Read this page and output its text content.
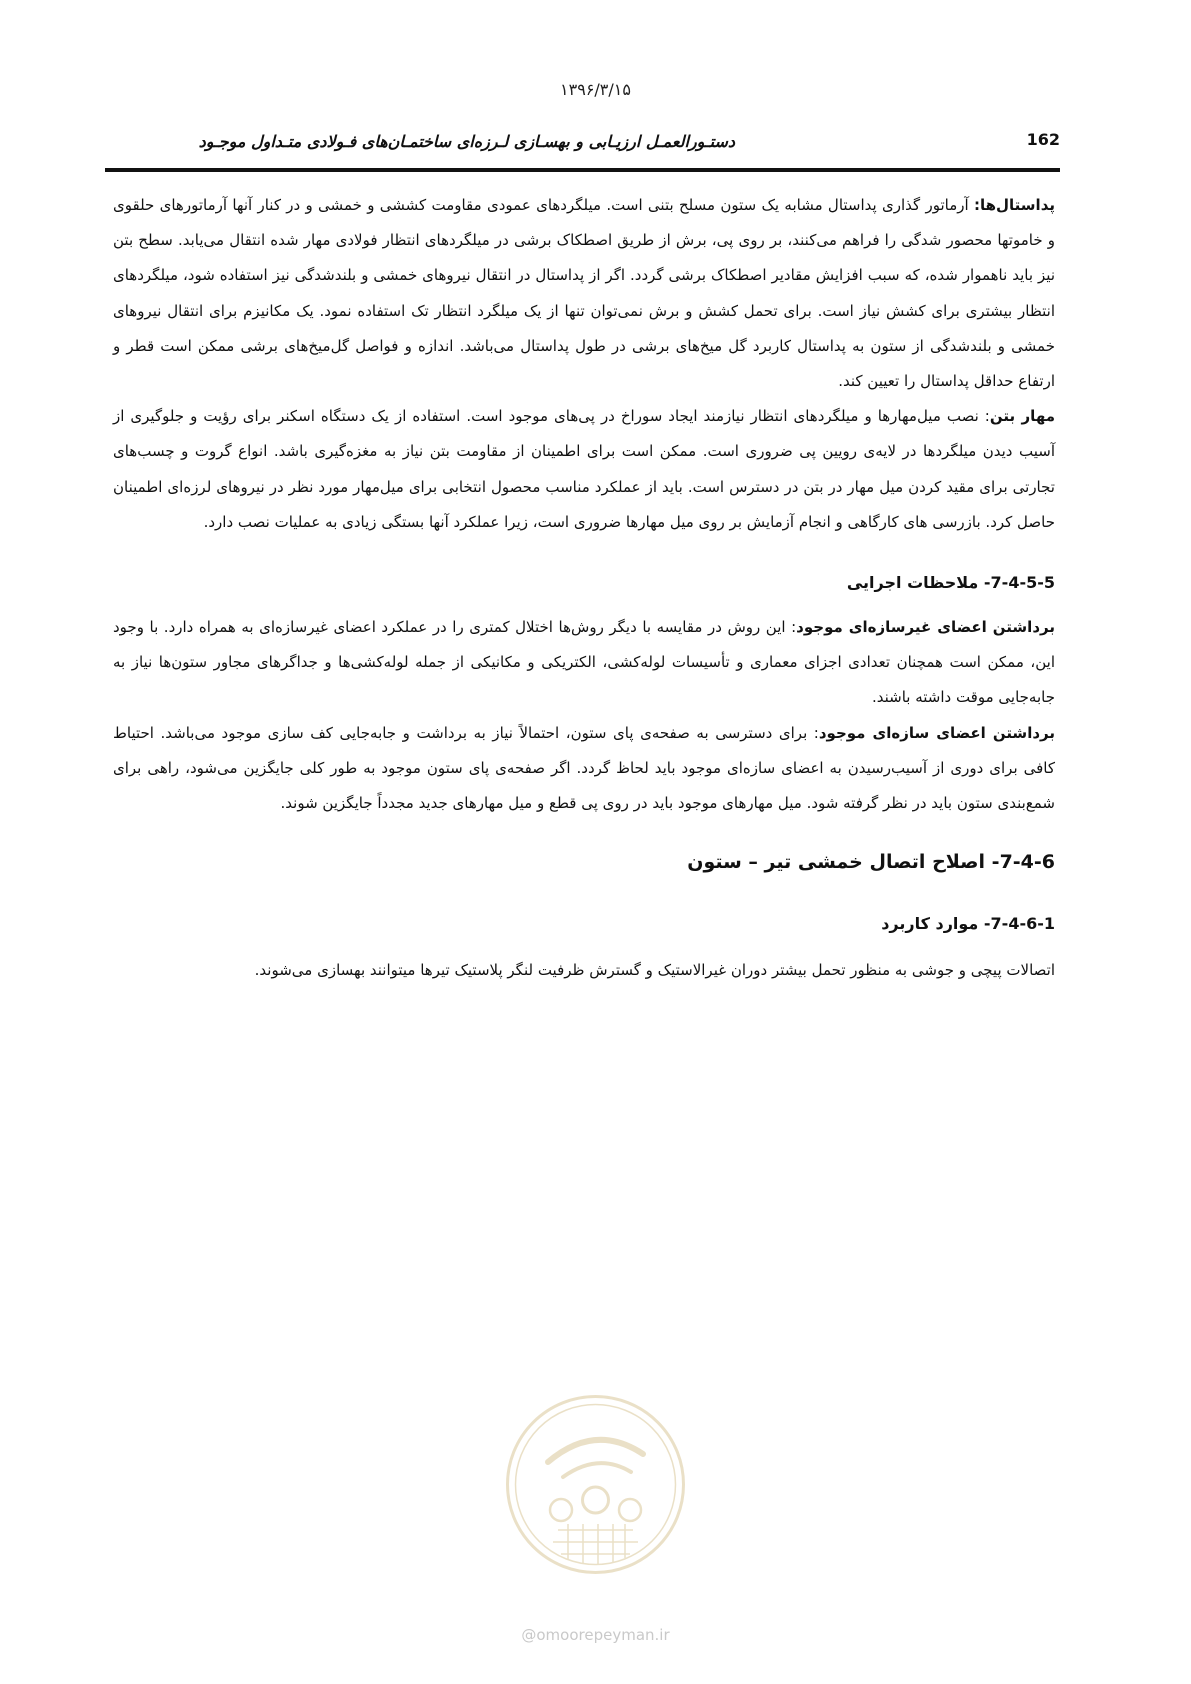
۱۳۹۶/۳/۱۵
162
دستـورالعمـل ارزیـابی و بهسـازی لـرزه‌ای ساختمـان‌های فـولادی متـداول موجـود

پداستال‌ها: آرماتور گذاری پداستال مشابه یک ستون مسلح بتنی است. میلگردهای عمودی مقاومت کششی و خمشی و در کنار آنها آرماتورهای حلقوی و خاموتها محصور شدگی را فراهم می‌کنند، بر روی پی، برش از طریق اصطکاک برشی در میلگردهای انتظار فولادی مهار شده انتقال می‌یابد. سطح بتن نیز باید ناهموار شده، که سبب افزایش مقادیر اصطکاک برشی گردد. اگر از پداستال در انتقال نیروهای خمشی و بلندشدگی نیز استفاده شود، میلگردهای انتظار بیشتری برای کشش نیاز است. برای تحمل کشش و برش نمی‌توان تنها از یک میلگرد انتظار تک استفاده نمود. یک مکانیزم برای انتقال نیروهای خمشی و بلندشدگی از ستون به پداستال کاربرد گل میخ‌های برشی در طول پداستال می‌باشد. اندازه و فواصل گل‌میخ‌های برشی ممکن است قطر و ارتفاع حداقل پداستال را تعیین کند.

مهار بتن: نصب میل‌مهارها و میلگردهای انتظار نیازمند ایجاد سوراخ در پی‌های موجود است. استفاده از یک دستگاه اسکنر برای رؤیت و جلوگیری از آسیب دیدن میلگردها در لایه‌ی رویین پی ضروری است. ممکن است برای اطمینان از مقاومت بتن نیاز به مغزه‌گیری باشد. انواع گروت و چسب‌های تجارتی برای مقید کردن میل مهار در بتن در دسترس است. باید از عملکرد مناسب محصول انتخابی برای میل‌مهار مورد نظر در نیروهای لرزه‌ای اطمینان حاصل کرد. بازرسی های کارگاهی و انجام آزمایش بر روی میل مهارها ضروری است، زیرا عملکرد آنها بستگی زیادی به عملیات نصب دارد.

7-4-5-5- ملاحظات اجرایی

برداشتن اعضای غیرسازه‌ای موجود: این روش در مقایسه با دیگر روش‌ها اختلال کمتری را در عملکرد اعضای غیرسازه‌ای به همراه دارد. با وجود این، ممکن است همچنان تعدادی اجزای معماری و تأسیسات لوله‌کشی، الکتریکی و مکانیکی از جمله لوله‌کشی‌ها و جداگرهای مجاور ستون‌ها نیاز به جابه‌جایی موقت داشته باشند.

برداشتن اعضای سازه‌ای موجود: برای دسترسی به صفحه‌ی پای ستون، احتمالاً نیاز به برداشت و جابه‌جایی کف سازی موجود می‌باشد. احتیاط کافی برای دوری از آسیب‌رسیدن به اعضای سازه‌ای موجود باید لحاظ گردد. اگر صفحه‌ی پای ستون موجود به طور کلی جایگزین می‌شود، راهی برای شمع‌بندی ستون باید در نظر گرفته شود. میل مهارهای موجود باید در روی پی قطع و میل مهارهای جدید مجدداً جایگزین شوند.

7-4-6- اصلاح اتصال خمشی تیر – ستون
7-4-6-1- موارد کاربرد

اتصالات پیچی و جوشی به منظور تحمل بیشتر دوران غیرالاستیک و گسترش ظرفیت لنگر پلاستیک تیرها میتوانند بهسازی می‌شوند.

@omoorepeyman.ir
